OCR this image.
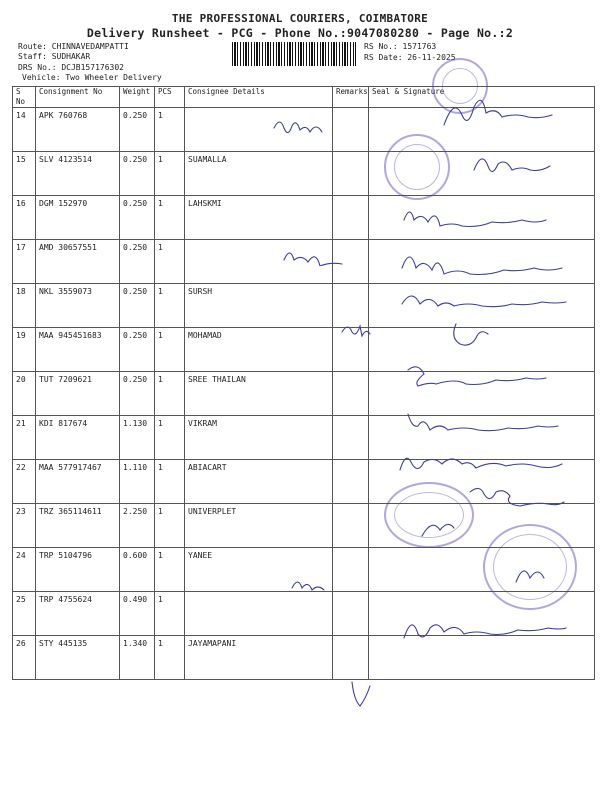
THE PROFESSIONAL COURIERS, COIMBATORE
Delivery Runsheet - PCG - Phone No.:9047080280 - Page No.:2
Route: CHINNAVEDAMPATTI
Staff: SUDHAKAR
DRS No.: DCJB157176302
Vehicle: Two Wheeler Delivery
RS No.: 1571763
RS Date: 26-11-2025
S No	Consignment No	Weight	PCS	Consignee Details	Remarks	Seal & Signature
14	APK 760768	0.250	1			
15	SLV 4123514	0.250	1	SUAMALLA		
16	DGM 152970	0.250	1	LAHSKMI		
17	AMD 30657551	0.250	1			
18	NKL 3559073	0.250	1	SURSH		
19	MAA 945451683	0.250	1	MOHAMAD		
20	TUT 7209621	0.250	1	SREE THAILAN		
21	KDI 817674	1.130	1	VIKRAM		
22	MAA 577917467	1.110	1	ABIACART		
23	TRZ 365114611	2.250	1	UNIVERPLET		
24	TRP 5104796	0.600	1	YANEE		
25	TRP 4755624	0.490	1			
26	STY 445135	1.340	1	JAYAMAPANI		
